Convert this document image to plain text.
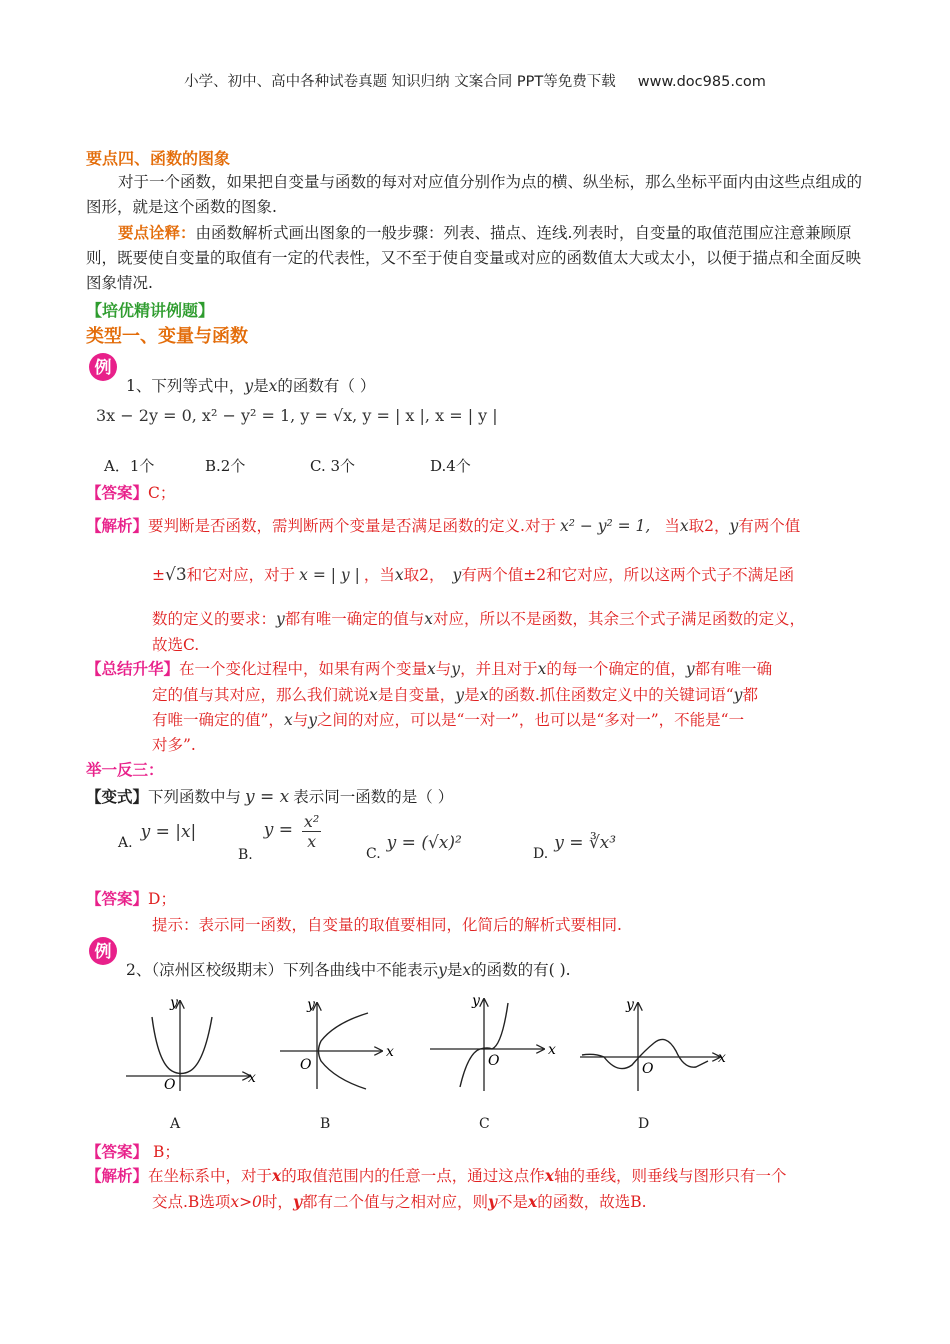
小学、初中、高中各种试卷真题 知识归纳 文案合同 PPT等免费下载 www.doc985.com
要点四、函数的图象
对于一个函数，如果把自变量与函数的每对对应值分别作为点的横、纵坐标，那么坐标平面内由这些点组成的图形，就是这个函数的图象.
要点诠释：由函数解析式画出图象的一般步骤：列表、描点、连线.列表时，自变量的取值范围应注意兼顾原则，既要使自变量的取值有一定的代表性，又不至于使自变量或对应的函数值太大或太小，以便于描点和全面反映图象情况.
【培优精讲例题】
类型一、变量与函数
例
1、下列等式中，y是x的函数有（ ）
3x − 2y = 0, x² − y² = 1, y = √x, y = | x |, x = | y |
A．1个	B.2个	C. 3个	D.4个
【答案】C；
【解析】要判断是否函数，需判断两个变量是否满足函数的定义.对于 x² − y² = 1, 当x取2，y有两个值
±√3和它对应，对于 x = | y | ，当x取2， y有两个值±2和它对应，所以这两个式子不满足函
数的定义的要求：y都有唯一确定的值与x对应，所以不是函数，其余三个式子满足函数的定义，
故选C.
【总结升华】在一个变化过程中，如果有两个变量x与y，并且对于x的每一个确定的值，y都有唯一确
定的值与其对应，那么我们就说x是自变量，y是x的函数.抓住函数定义中的关键词语“y都
有唯一确定的值”，x与y之间的对应，可以是“一对一”，也可以是“多对一”，不能是“一
对多”.
举一反三：
【变式】下列函数中与 y = x 表示同一函数的是（ ）
A.y = |x|
B. $y = \frac{\text{x²}}{x}$
C.y = (√x)²
D.y = ∛x³
【答案】D；
提示：表示同一函数，自变量的取值要相同，化简后的解析式要相同.
例
2、（凉州区校级期末）下列各曲线中不能表示y是x的函数的有( ).
y
x
O
y
x
O
y
x
O
y
x
O
A	B	C	D
【答案】 B；
【解析】在坐标系中，对于x的取值范围内的任意一点，通过这点作x轴的垂线，则垂线与图形只有一个
交点.B选项x>0时，y都有二个值与之相对应，则y不是x的函数，故选B.
